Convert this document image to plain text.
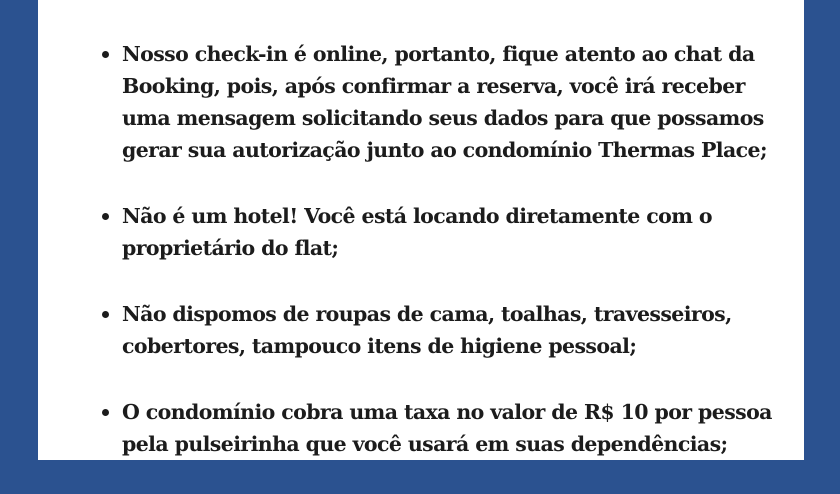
Nosso check-in é online, portanto, fique atento ao chat da
Booking, pois, após confirmar a reserva, você irá receber
uma mensagem solicitando seus dados para que possamos
gerar sua autorização junto ao condomínio Thermas Place;
Não é um hotel! Você está locando diretamente com o
proprietário do flat;
Não dispomos de roupas de cama, toalhas, travesseiros,
cobertores, tampouco itens de higiene pessoal;
O condomínio cobra uma taxa no valor de R$ 10 por pessoa
pela pulseirinha que você usará em suas dependências;
